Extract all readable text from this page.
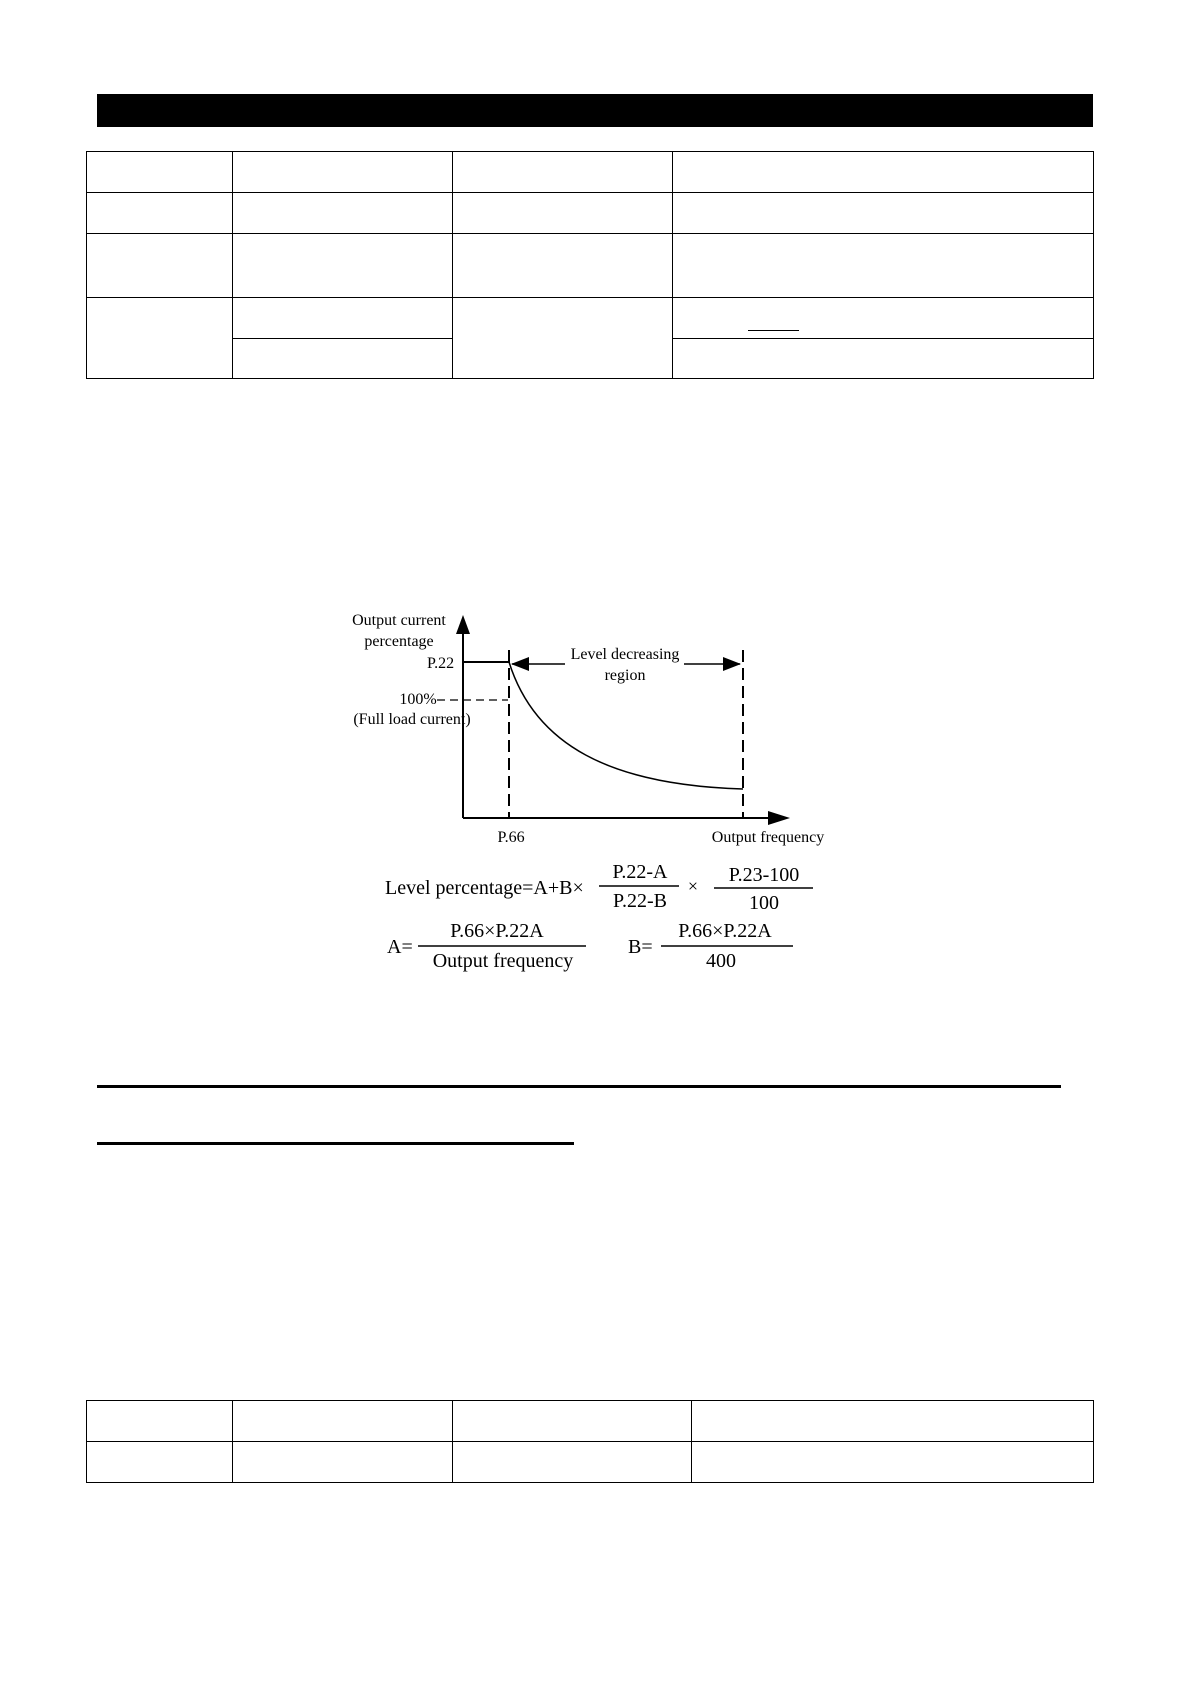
Output current
percentage
P.22
100%
(Full load current)
Level decreasing
region
P.66	Output frequency
Level percentage=A+B×
P.22-A
P.22-B
× P.23-100
100
A=
P.66×P.22A
Output frequency
B=
P.66×P.22A
400
